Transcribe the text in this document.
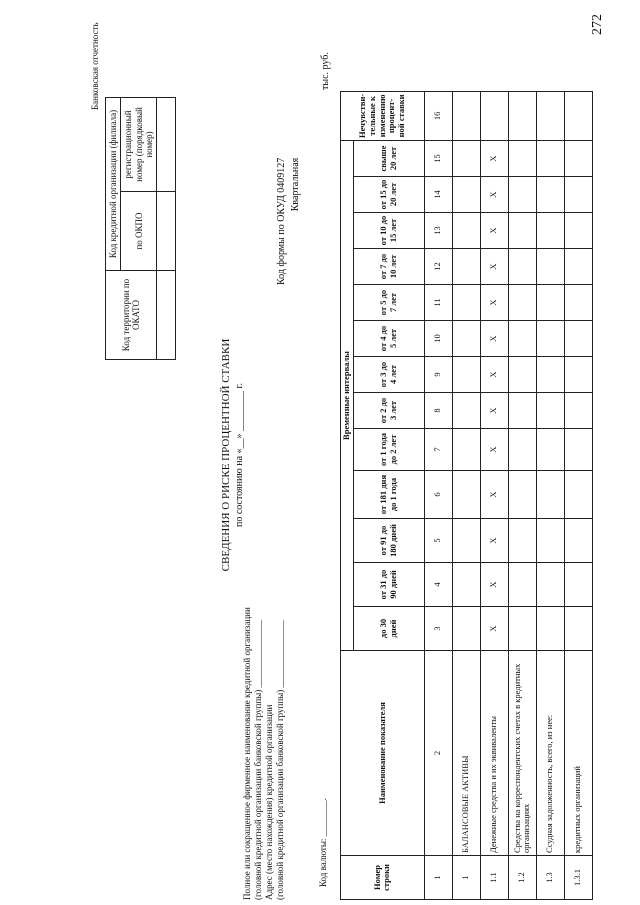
272
Банковская отчетность
Код территории по ОКАТО	Код кредитной организации (филиала)	
	по ОКПО	регистрационный номер (порядковый номер)

СВЕДЕНИЯ О РИСКЕ ПРОЦЕНТНОЙ СТАВКИ по состоянию на «__» ________ г.
Полное или сокращенное фирменное наименование кредитной организации (головной кредитной организации банковской группы) _______________ Адрес (место нахождения) кредитной организации (головной кредитной организации банковской группы) _______________
Код формы по ОКУД 0409127 Квартальная
тыс. руб.
Код валюты: ________.	Номер строки	Наименование показателя	Временные интервалы													Нечувстви-тельные к изменению процент-ной ставки
		до 30 дней	от 31 до 90 дней	от 91 до 180 дней	от 181 дня до 1 года	от 1 года до 2 лет	от 2 до 3 лет	от 3 до 4 лет	от 4 до 5 лет	от 5 до 7 лет	от 7 до 10 лет	от 10 до 15 лет	от 15 до 20 лет	свыше 20 лет	
1	2	3	4	5	6	7	8	9	10	11	12	13	14	15	16
1	БАЛАНСОВЫЕ АКТИВЫ														
1.1	Денежные средства и их эквиваленты	X	X	X	X	X	X	X	X	X	X	X	X	X	
1.2	Средства на корреспондентских счетах в кредитных организациях														
1.3	Ссудная задолженность, всего, из нее:														
1.3.1	кредитных организаций														
